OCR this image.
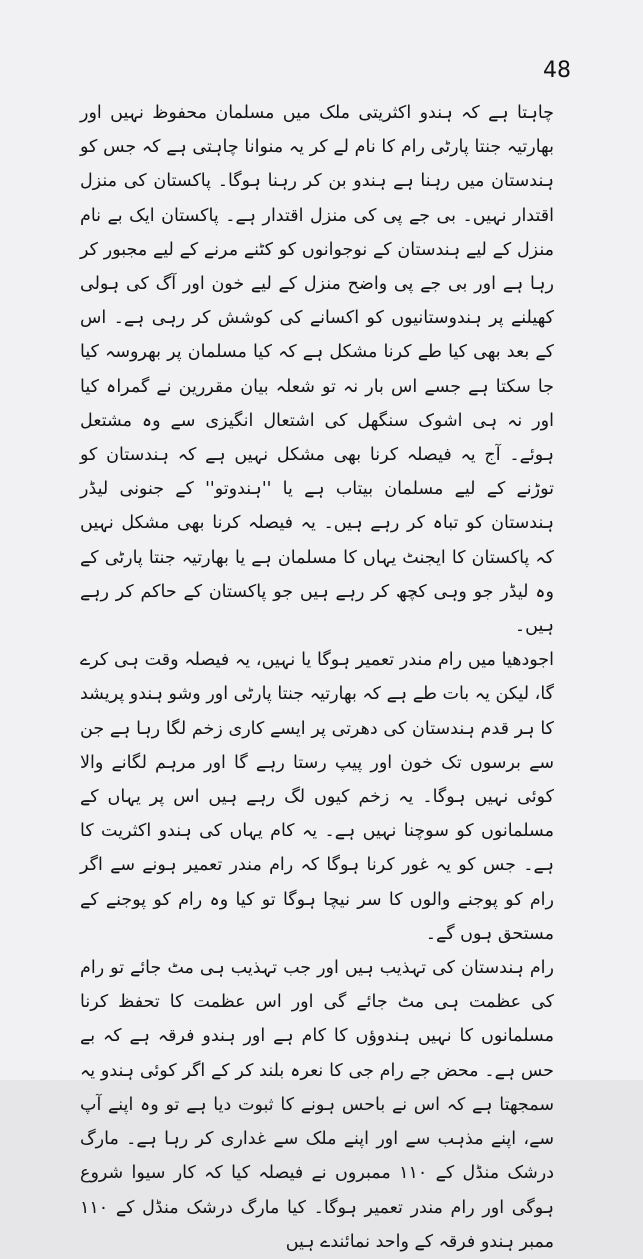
48

چاہتا ہے کہ ہندو اکثریتی ملک میں مسلمان محفوظ نہیں اور بھارتیہ جنتا پارٹی رام کا نام لے کر یہ منوانا چاہتی ہے کہ جس کو ہندستان میں رہنا ہے ہندو بن کر رہنا ہوگا۔ پاکستان کی منزل اقتدار نہیں۔ بی جے پی کی منزل اقتدار ہے۔ پاکستان ایک بے نام منزل کے لیے ہندستان کے نوجوانوں کو کٹنے مرنے کے لیے مجبور کر رہا ہے اور بی جے پی واضح منزل کے لیے خون اور آگ کی ہولی کھیلنے پر ہندوستانیوں کو اکسانے کی کوشش کر رہی ہے۔ اس کے بعد بھی کیا طے کرنا مشکل ہے کہ کیا مسلمان پر بھروسہ کیا جا سکتا ہے جسے اس بار نہ تو شعلہ بیان مقررین نے گمراہ کیا اور نہ ہی اشوک سنگھل کی اشتعال انگیزی سے وہ مشتعل ہوئے۔ آج یہ فیصلہ کرنا بھی مشکل نہیں ہے کہ ہندستان کو توڑنے کے لیے مسلمان بیتاب ہے یا ''ہندوتو'' کے جنونی لیڈر ہندستان کو تباہ کر رہے ہیں۔ یہ فیصلہ کرنا بھی مشکل نہیں کہ پاکستان کا ایجنٹ یہاں کا مسلمان ہے یا بھارتیہ جنتا پارٹی کے وہ لیڈر جو وہی کچھ کر رہے ہیں جو پاکستان کے حاکم کر رہے ہیں۔

اجودھیا میں رام مندر تعمیر ہوگا یا نہیں، یہ فیصلہ وقت ہی کرے گا، لیکن یہ بات طے ہے کہ بھارتیہ جنتا پارٹی اور وشو ہندو پریشد کا ہر قدم ہندستان کی دھرتی پر ایسے کاری زخم لگا رہا ہے جن سے برسوں تک خون اور پیپ رستا رہے گا اور مرہم لگانے والا کوئی نہیں ہوگا۔ یہ زخم کیوں لگ رہے ہیں اس پر یہاں کے مسلمانوں کو سوچنا نہیں ہے۔ یہ کام یہاں کی ہندو اکثریت کا ہے۔ جس کو یہ غور کرنا ہوگا کہ رام مندر تعمیر ہونے سے اگر رام کو پوجنے والوں کا سر نیچا ہوگا تو کیا وہ رام کو پوجنے کے مستحق ہوں گے۔

رام ہندستان کی تہذیب ہیں اور جب تہذیب ہی مٹ جائے تو رام کی عظمت ہی مٹ جائے گی اور اس عظمت کا تحفظ کرنا مسلمانوں کا نہیں ہندوؤں کا کام ہے اور ہندو فرقہ ہے کہ بے حس ہے۔ محض جے رام جی کا نعرہ بلند کر کے اگر کوئی ہندو یہ سمجھتا ہے کہ اس نے باحس ہونے کا ثبوت دیا ہے تو وہ اپنے آپ سے، اپنے مذہب سے اور اپنے ملک سے غداری کر رہا ہے۔ مارگ درشک منڈل کے ۱۱۰ ممبروں نے فیصلہ کیا کہ کار سیوا شروع ہوگی اور رام مندر تعمیر ہوگا۔ کیا مارگ درشک منڈل کے ۱۱۰ ممبر ہندو فرقہ کے واحد نمائندے ہیں
